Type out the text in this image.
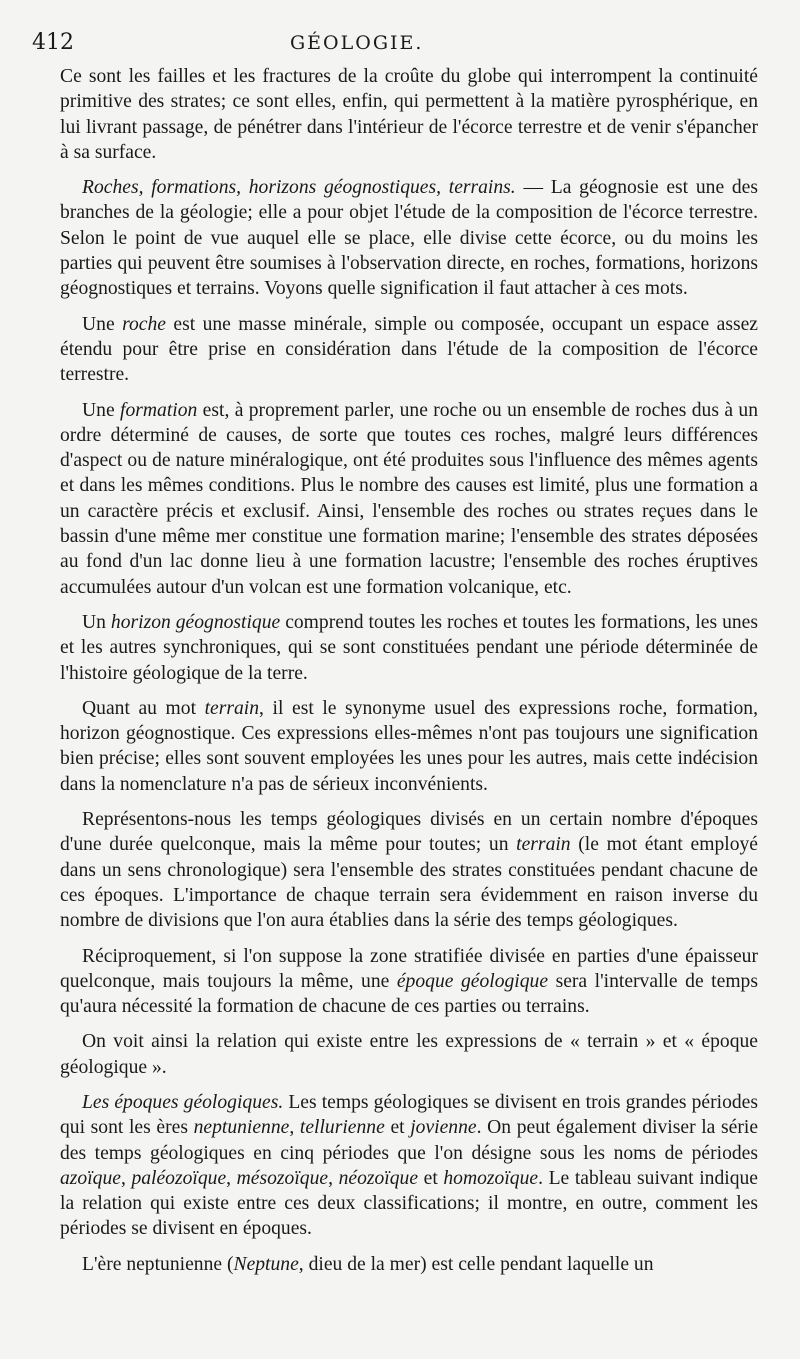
412	GÉOLOGIE.

Ce sont les failles et les fractures de la croûte du globe qui interrompent la continuité primitive des strates; ce sont elles, enfin, qui permettent à la matière pyrosphérique, en lui livrant passage, de pénétrer dans l'intérieur de l'écorce terrestre et de venir s'épancher à sa surface.

Roches, formations, horizons géognostiques, terrains. — La géognosie est une des branches de la géologie; elle a pour objet l'étude de la composition de l'écorce terrestre. Selon le point de vue auquel elle se place, elle divise cette écorce, ou du moins les parties qui peuvent être soumises à l'observation directe, en roches, formations, horizons géognostiques et terrains. Voyons quelle signification il faut attacher à ces mots.

Une roche est une masse minérale, simple ou composée, occupant un espace assez étendu pour être prise en considération dans l'étude de la composition de l'écorce terrestre.

Une formation est, à proprement parler, une roche ou un ensemble de roches dus à un ordre déterminé de causes, de sorte que toutes ces roches, malgré leurs différences d'aspect ou de nature minéralogique, ont été produites sous l'influence des mêmes agents et dans les mêmes conditions. Plus le nombre des causes est limité, plus une formation a un caractère précis et exclusif. Ainsi, l'ensemble des roches ou strates reçues dans le bassin d'une même mer constitue une formation marine; l'ensemble des strates déposées au fond d'un lac donne lieu à une formation lacustre; l'ensemble des roches éruptives accumulées autour d'un volcan est une formation volcanique, etc.

Un horizon géognostique comprend toutes les roches et toutes les formations, les unes et les autres synchroniques, qui se sont constituées pendant une période déterminée de l'histoire géologique de la terre.

Quant au mot terrain, il est le synonyme usuel des expressions roche, formation, horizon géognostique. Ces expressions elles-mêmes n'ont pas toujours une signification bien précise; elles sont souvent employées les unes pour les autres, mais cette indécision dans la nomenclature n'a pas de sérieux inconvénients.

Représentons-nous les temps géologiques divisés en un certain nombre d'époques d'une durée quelconque, mais la même pour toutes; un terrain (le mot étant employé dans un sens chronologique) sera l'ensemble des strates constituées pendant chacune de ces époques. L'importance de chaque terrain sera évidemment en raison inverse du nombre de divisions que l'on aura établies dans la série des temps géologiques.

Réciproquement, si l'on suppose la zone stratifiée divisée en parties d'une épaisseur quelconque, mais toujours la même, une époque géologique sera l'intervalle de temps qu'aura nécessité la formation de chacune de ces parties ou terrains.

On voit ainsi la relation qui existe entre les expressions de « terrain » et « époque géologique ».

Les époques géologiques. Les temps géologiques se divisent en trois grandes périodes qui sont les ères neptunienne, tellurienne et jovienne. On peut également diviser la série des temps géologiques en cinq périodes que l'on désigne sous les noms de périodes azoïque, paléozoïque, mésozoïque, néozoïque et homozoïque. Le tableau suivant indique la relation qui existe entre ces deux classifications; il montre, en outre, comment les périodes se divisent en époques.

L'ère neptunienne (Neptune, dieu de la mer) est celle pendant laquelle un
